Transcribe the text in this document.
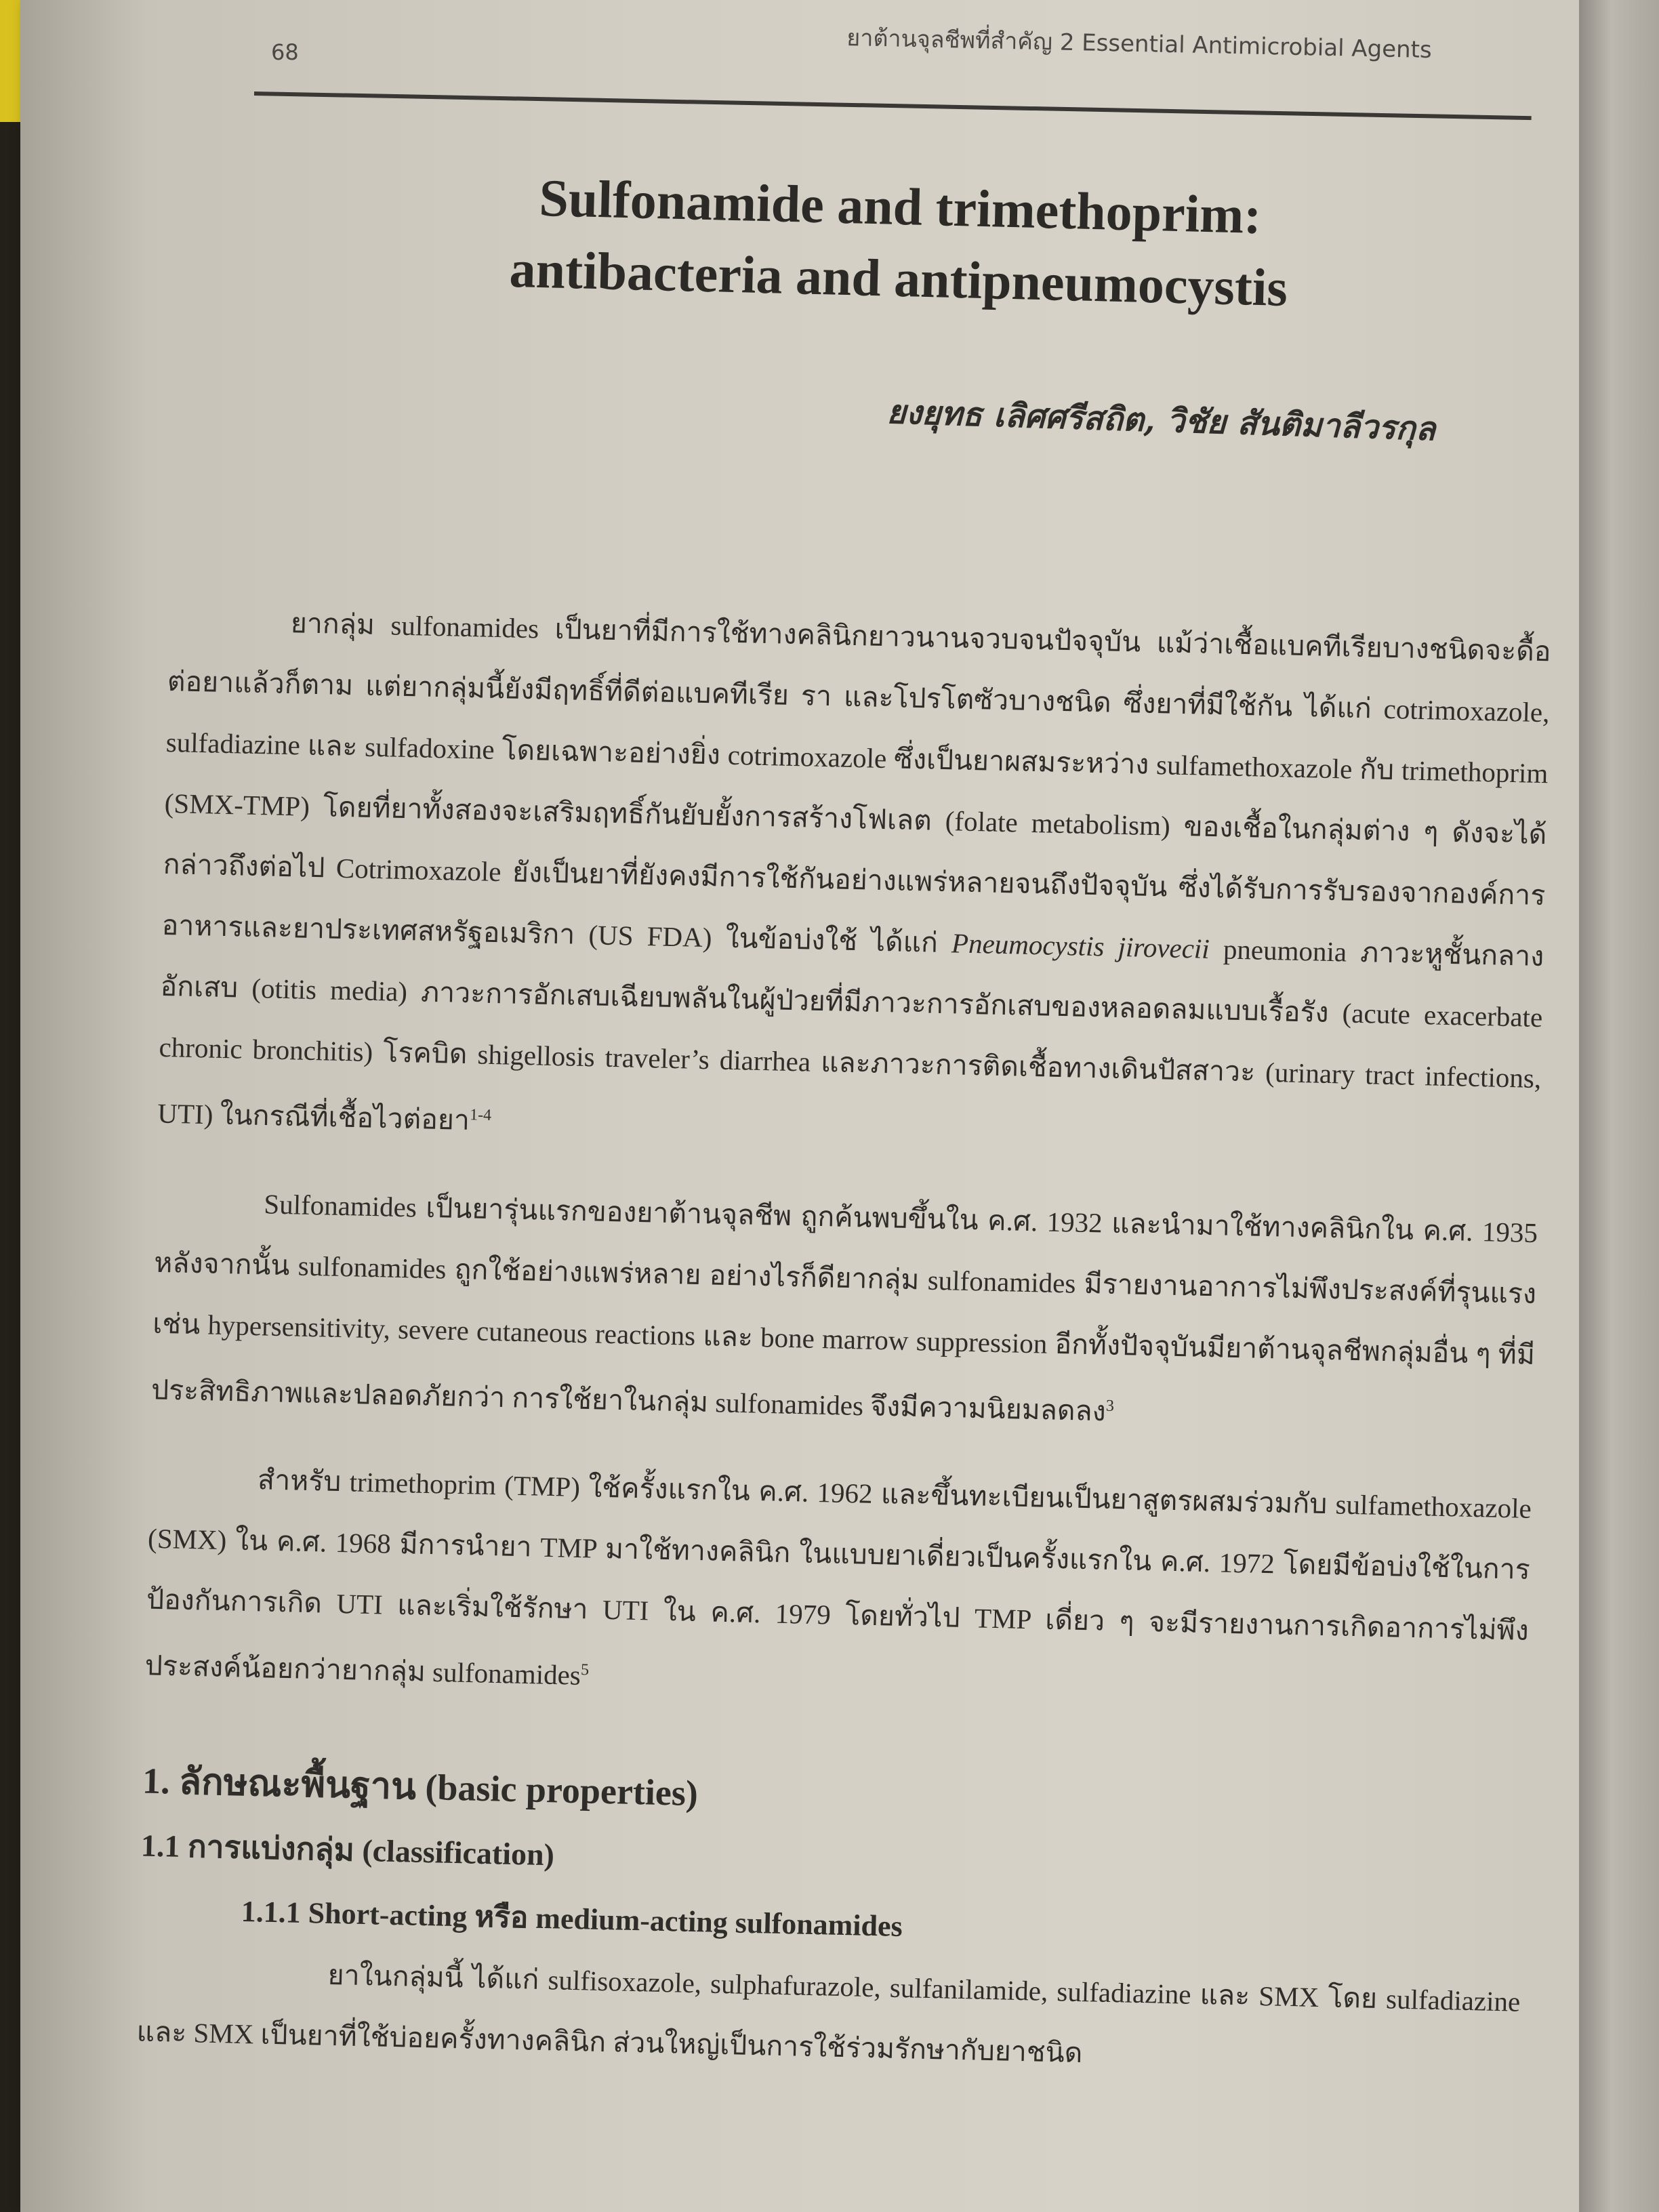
68	ยาต้านจุลชีพที่สำคัญ 2 Essential Antimicrobial Agents
Sulfonamide and trimethoprim:
antibacteria and antipneumocystis
ยงยุทธ เลิศศรีสถิต, วิชัย สันติมาลีวรกุล

ยากลุ่ม sulfonamides เป็นยาที่มีการใช้ทางคลินิกยาวนานจวบจนปัจจุบัน แม้ว่าเชื้อแบคทีเรียบางชนิดจะดื้อต่อยาแล้วก็ตาม แต่ยากลุ่มนี้ยังมีฤทธิ์ที่ดีต่อแบคทีเรีย รา และโปรโตซัวบางชนิด ซึ่งยาที่มีใช้กัน ได้แก่ cotrimoxazole, sulfadiazine และ sulfadoxine โดยเฉพาะอย่างยิ่ง cotrimoxazole ซึ่งเป็นยาผสมระหว่าง sulfamethoxazole กับ trimethoprim (SMX-TMP) โดยที่ยาทั้งสองจะเสริมฤทธิ์กันยับยั้งการสร้างโฟเลต (folate metabolism) ของเชื้อในกลุ่มต่าง ๆ ดังจะได้กล่าวถึงต่อไป Cotrimoxazole ยังเป็นยาที่ยังคงมีการใช้กันอย่างแพร่หลายจนถึงปัจจุบัน ซึ่งได้รับการรับรองจากองค์การอาหารและยาประเทศสหรัฐอเมริกา (US FDA) ในข้อบ่งใช้ ได้แก่ Pneumocystis jirovecii pneumonia ภาวะหูชั้นกลางอักเสบ (otitis media) ภาวะการอักเสบเฉียบพลันในผู้ป่วยที่มีภาวะการอักเสบของหลอดลมแบบเรื้อรัง (acute exacerbate chronic bronchitis) โรคบิด shigellosis traveler’s diarrhea และภาวะการติดเชื้อทางเดินปัสสาวะ (urinary tract infections, UTI) ในกรณีที่เชื้อไวต่อยา$^{1-4}$

Sulfonamides เป็นยารุ่นแรกของยาต้านจุลชีพ ถูกค้นพบขึ้นใน ค.ศ. 1932 และนำมาใช้ทางคลินิกใน ค.ศ. 1935 หลังจากนั้น sulfonamides ถูกใช้อย่างแพร่หลาย อย่างไรก็ดียากลุ่ม sulfonamides มีรายงานอาการไม่พึงประสงค์ที่รุนแรง เช่น hypersensitivity, severe cutaneous reactions และ bone marrow suppression อีกทั้งปัจจุบันมียาต้านจุลชีพกลุ่มอื่น ๆ ที่มีประสิทธิภาพและปลอดภัยกว่า การใช้ยาในกลุ่ม sulfonamides จึงมีความนิยมลดลง$^3$

สำหรับ trimethoprim (TMP) ใช้ครั้งแรกใน ค.ศ. 1962 และขึ้นทะเบียนเป็นยาสูตรผสมร่วมกับ sulfamethoxazole (SMX) ใน ค.ศ. 1968 มีการนำยา TMP มาใช้ทางคลินิก ในแบบยาเดี่ยวเป็นครั้งแรกใน ค.ศ. 1972 โดยมีข้อบ่งใช้ในการป้องกันการเกิด UTI และเริ่มใช้รักษา UTI ใน ค.ศ. 1979 โดยทั่วไป TMP เดี่ยว ๆ จะมีรายงานการเกิดอาการไม่พึงประสงค์น้อยกว่ายากลุ่ม sulfonamides$^5$

1. ลักษณะพื้นฐาน (basic properties)
1.1 การแบ่งกลุ่ม (classification)
1.1.1 Short-acting หรือ medium-acting sulfonamides

ยาในกลุ่มนี้ ได้แก่ sulfisoxazole, sulphafurazole, sulfanilamide, sulfadiazine และ SMX โดย sulfadiazine และ SMX เป็นยาที่ใช้บ่อยครั้งทางคลินิก ส่วนใหญ่เป็นการใช้ร่วมรักษากับยาชนิด
